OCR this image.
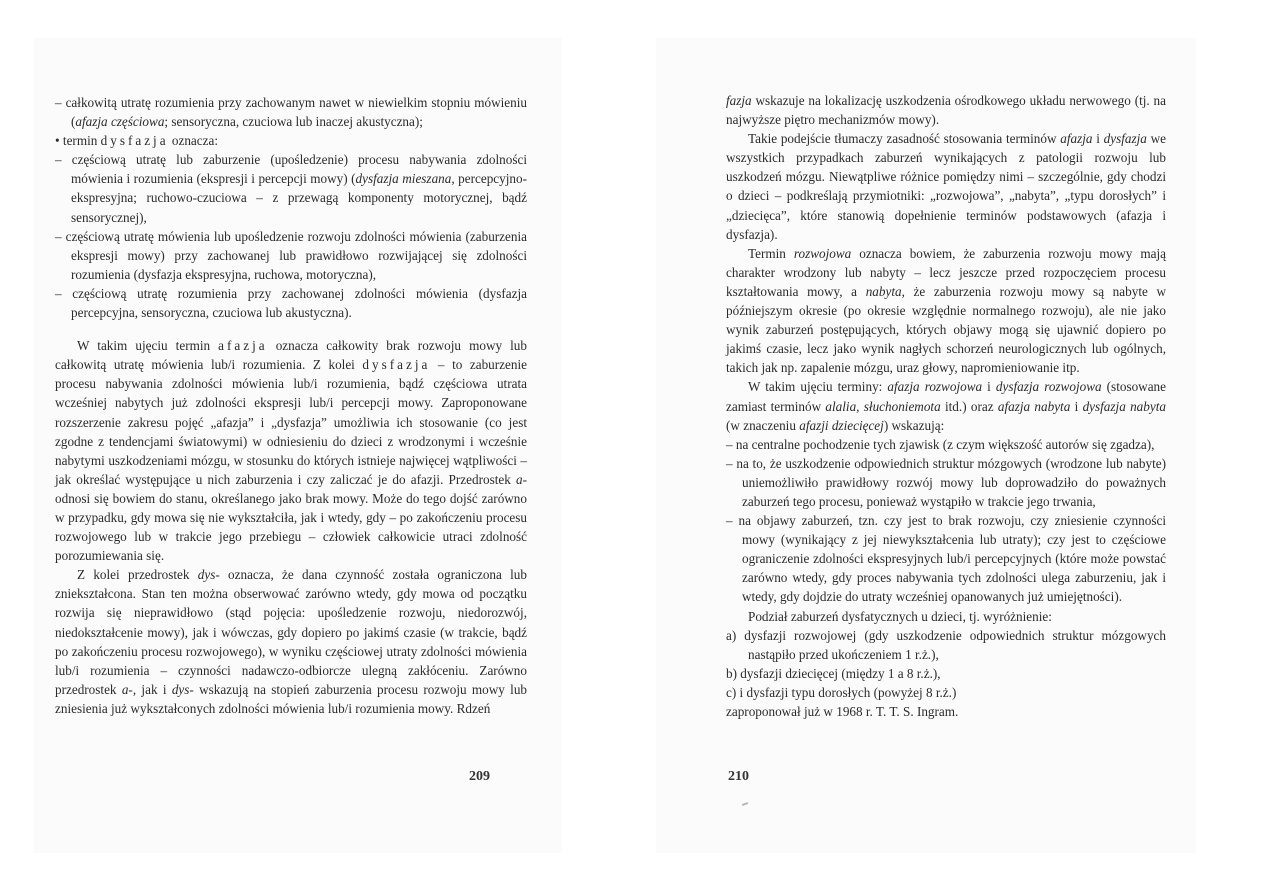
– całkowitą utratę rozumienia przy zachowanym nawet w niewielkim stopniu mówieniu (afazja częściowa; sensoryczna, czuciowa lub inaczej akustyczna);

• termin dysfazja oznacza:

– częściową utratę lub zaburzenie (upośledzenie) procesu nabywania zdolności mówienia i rozumienia (ekspresji i percepcji mowy) (dysfazja mieszana, percepcyjno-ekspresyjna; ruchowo-czuciowa – z przewagą komponenty motorycznej, bądź sensorycznej),

– częściową utratę mówienia lub upośledzenie rozwoju zdolności mówienia (zaburzenia ekspresji mowy) przy zachowanej lub prawidłowo rozwijającej się zdolności rozumienia (dysfazja ekspresyjna, ruchowa, motoryczna),

– częściową utratę rozumienia przy zachowanej zdolności mówienia (dysfazja percepcyjna, sensoryczna, czuciowa lub akustyczna).

W takim ujęciu termin afazja oznacza całkowity brak rozwoju mowy lub całkowitą utratę mówienia lub/i rozumienia. Z kolei dysfazja – to zaburzenie procesu nabywania zdolności mówienia lub/i rozumienia, bądź częściowa utrata wcześniej nabytych już zdolności ekspresji lub/i percepcji mowy. Zaproponowane rozszerzenie zakresu pojęć „afazja” i „dysfazja” umożliwia ich stosowanie (co jest zgodne z tendencjami światowymi) w odniesieniu do dzieci z wrodzonymi i wcześnie nabytymi uszkodzeniami mózgu, w stosunku do których istnieje najwięcej wątpliwości – jak określać występujące u nich zaburzenia i czy zaliczać je do afazji. Przedrostek a- odnosi się bowiem do stanu, określanego jako brak mowy. Może do tego dojść zarówno w przypadku, gdy mowa się nie wykształciła, jak i wtedy, gdy – po zakończeniu procesu rozwojowego lub w trakcie jego przebiegu – człowiek całkowicie utraci zdolność porozumiewania się.

Z kolei przedrostek dys- oznacza, że dana czynność została ograniczona lub zniekształcona. Stan ten można obserwować zarówno wtedy, gdy mowa od początku rozwija się nieprawidłowo (stąd pojęcia: upośledzenie rozwoju, niedorozwój, niedokształcenie mowy), jak i wówczas, gdy dopiero po jakimś czasie (w trakcie, bądź po zakończeniu procesu rozwojowego), w wyniku częściowej utraty zdolności mówienia lub/i rozumienia – czynności nadawczo-odbiorcze ulegną zakłóceniu. Zarówno przedrostek a-, jak i dys- wskazują na stopień zaburzenia procesu rozwoju mowy lub zniesienia już wykształconych zdolności mówienia lub/i rozumienia mowy. Rdzeń

209

fazja wskazuje na lokalizację uszkodzenia ośrodkowego układu nerwowego (tj. na najwyższe piętro mechanizmów mowy).

Takie podejście tłumaczy zasadność stosowania terminów afazja i dysfazja we wszystkich przypadkach zaburzeń wynikających z patologii rozwoju lub uszkodzeń mózgu. Niewątpliwe różnice pomiędzy nimi – szczególnie, gdy chodzi o dzieci – podkreślają przymiotniki: „rozwojowa”, „nabyta”, „typu dorosłych” i „dziecięca”, które stanowią dopełnienie terminów podstawowych (afazja i dysfazja).

Termin rozwojowa oznacza bowiem, że zaburzenia rozwoju mowy mają charakter wrodzony lub nabyty – lecz jeszcze przed rozpoczęciem procesu kształtowania mowy, a nabyta, że zaburzenia rozwoju mowy są nabyte w późniejszym okresie (po okresie względnie normalnego rozwoju), ale nie jako wynik zaburzeń postępujących, których objawy mogą się ujawnić dopiero po jakimś czasie, lecz jako wynik nagłych schorzeń neurologicznych lub ogólnych, takich jak np. zapalenie mózgu, uraz głowy, napromieniowanie itp.

W takim ujęciu terminy: afazja rozwojowa i dysfazja rozwojowa (stosowane zamiast terminów alalia, słuchoniemota itd.) oraz afazja nabyta i dysfazja nabyta (w znaczeniu afazji dziecięcej) wskazują:

– na centralne pochodzenie tych zjawisk (z czym większość autorów się zgadza),

– na to, że uszkodzenie odpowiednich struktur mózgowych (wrodzone lub nabyte) uniemożliwiło prawidłowy rozwój mowy lub doprowadziło do poważnych zaburzeń tego procesu, ponieważ wystąpiło w trakcie jego trwania,

– na objawy zaburzeń, tzn. czy jest to brak rozwoju, czy zniesienie czynności mowy (wynikający z jej niewykształcenia lub utraty); czy jest to częściowe ograniczenie zdolności ekspresyjnych lub/i percepcyjnych (które może powstać zarówno wtedy, gdy proces nabywania tych zdolności ulega zaburzeniu, jak i wtedy, gdy dojdzie do utraty wcześniej opanowanych już umiejętności).

Podział zaburzeń dysfatycznych u dzieci, tj. wyróżnienie:

a) dysfazji rozwojowej (gdy uszkodzenie odpowiednich struktur mózgowych nastąpiło przed ukończeniem 1 r.ż.),

b) dysfazji dziecięcej (między 1 a 8 r.ż.),

c) i dysfazji typu dorosłych (powyżej 8 r.ż.)

zaproponował już w 1968 r. T. T. S. Ingram.

210
